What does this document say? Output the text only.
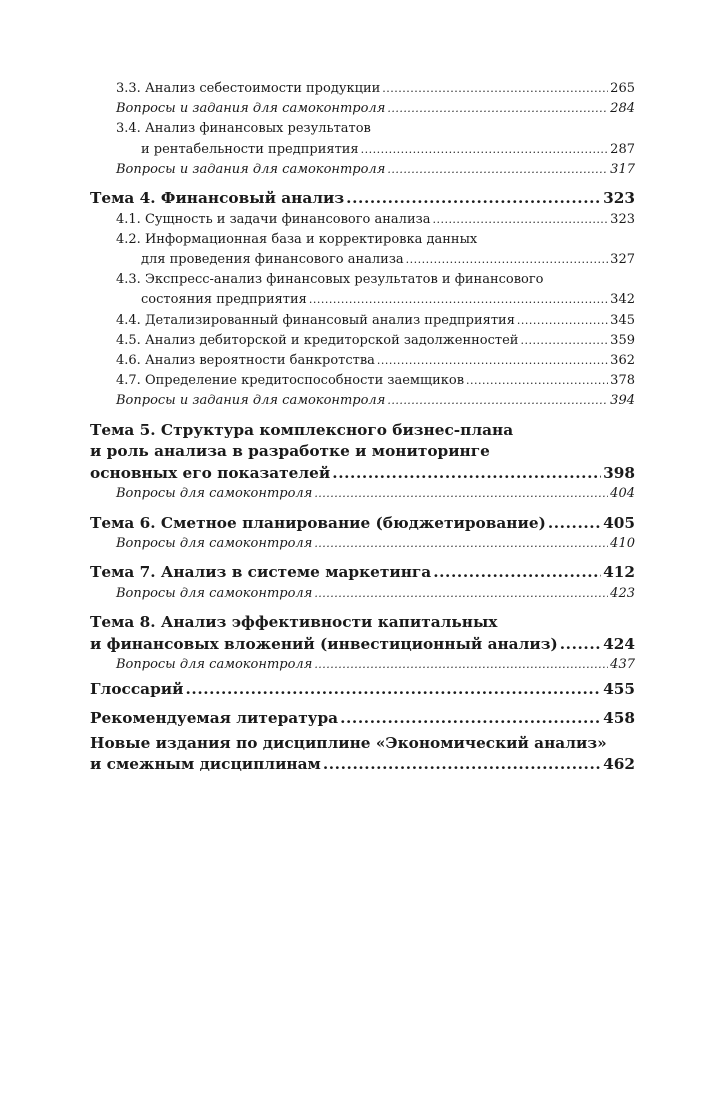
3.3. Анализ себестоимости продукции .....	265
Вопросы и задания для самоконтроля .....	284
3.4. Анализ финансовых результатов
и рентабельности предприятия .....	287
Вопросы и задания для самоконтроля .....	317
Тема 4. Финансовый анализ .....	323
4.1. Сущность и задачи финансового анализа .....	323
4.2. Информационная база и корректировка данных
для проведения финансового анализа .....	327
4.3. Экспресс-анализ финансовых результатов и финансового
состояния предприятия .....	342
4.4. Детализированный финансовый анализ предприятия .....	345
4.5. Анализ дебиторской и кредиторской задолженностей .....	359
4.6. Анализ вероятности банкротства .....	362
4.7. Определение кредитоспособности заемщиков .....	378
Вопросы и задания для самоконтроля .....	394
Тема 5. Структура комплексного бизнес-плана
и роль анализа в разработке и мониторинге
основных его показателей .....	398
Вопросы для самоконтроля .....	404
Тема 6. Сметное планирование (бюджетирование) .....	405
Вопросы для самоконтроля .....	410
Тема 7. Анализ в системе маркетинга .....	412
Вопросы для самоконтроля .....	423
Тема 8. Анализ эффективности капитальных
и финансовых вложений (инвестиционный анализ) .....	424
Вопросы для самоконтроля .....	437
Глоссарий .....	455
Рекомендуемая литература .....	458
Новые издания по дисциплине «Экономический анализ»
и смежным дисциплинам .....	462
